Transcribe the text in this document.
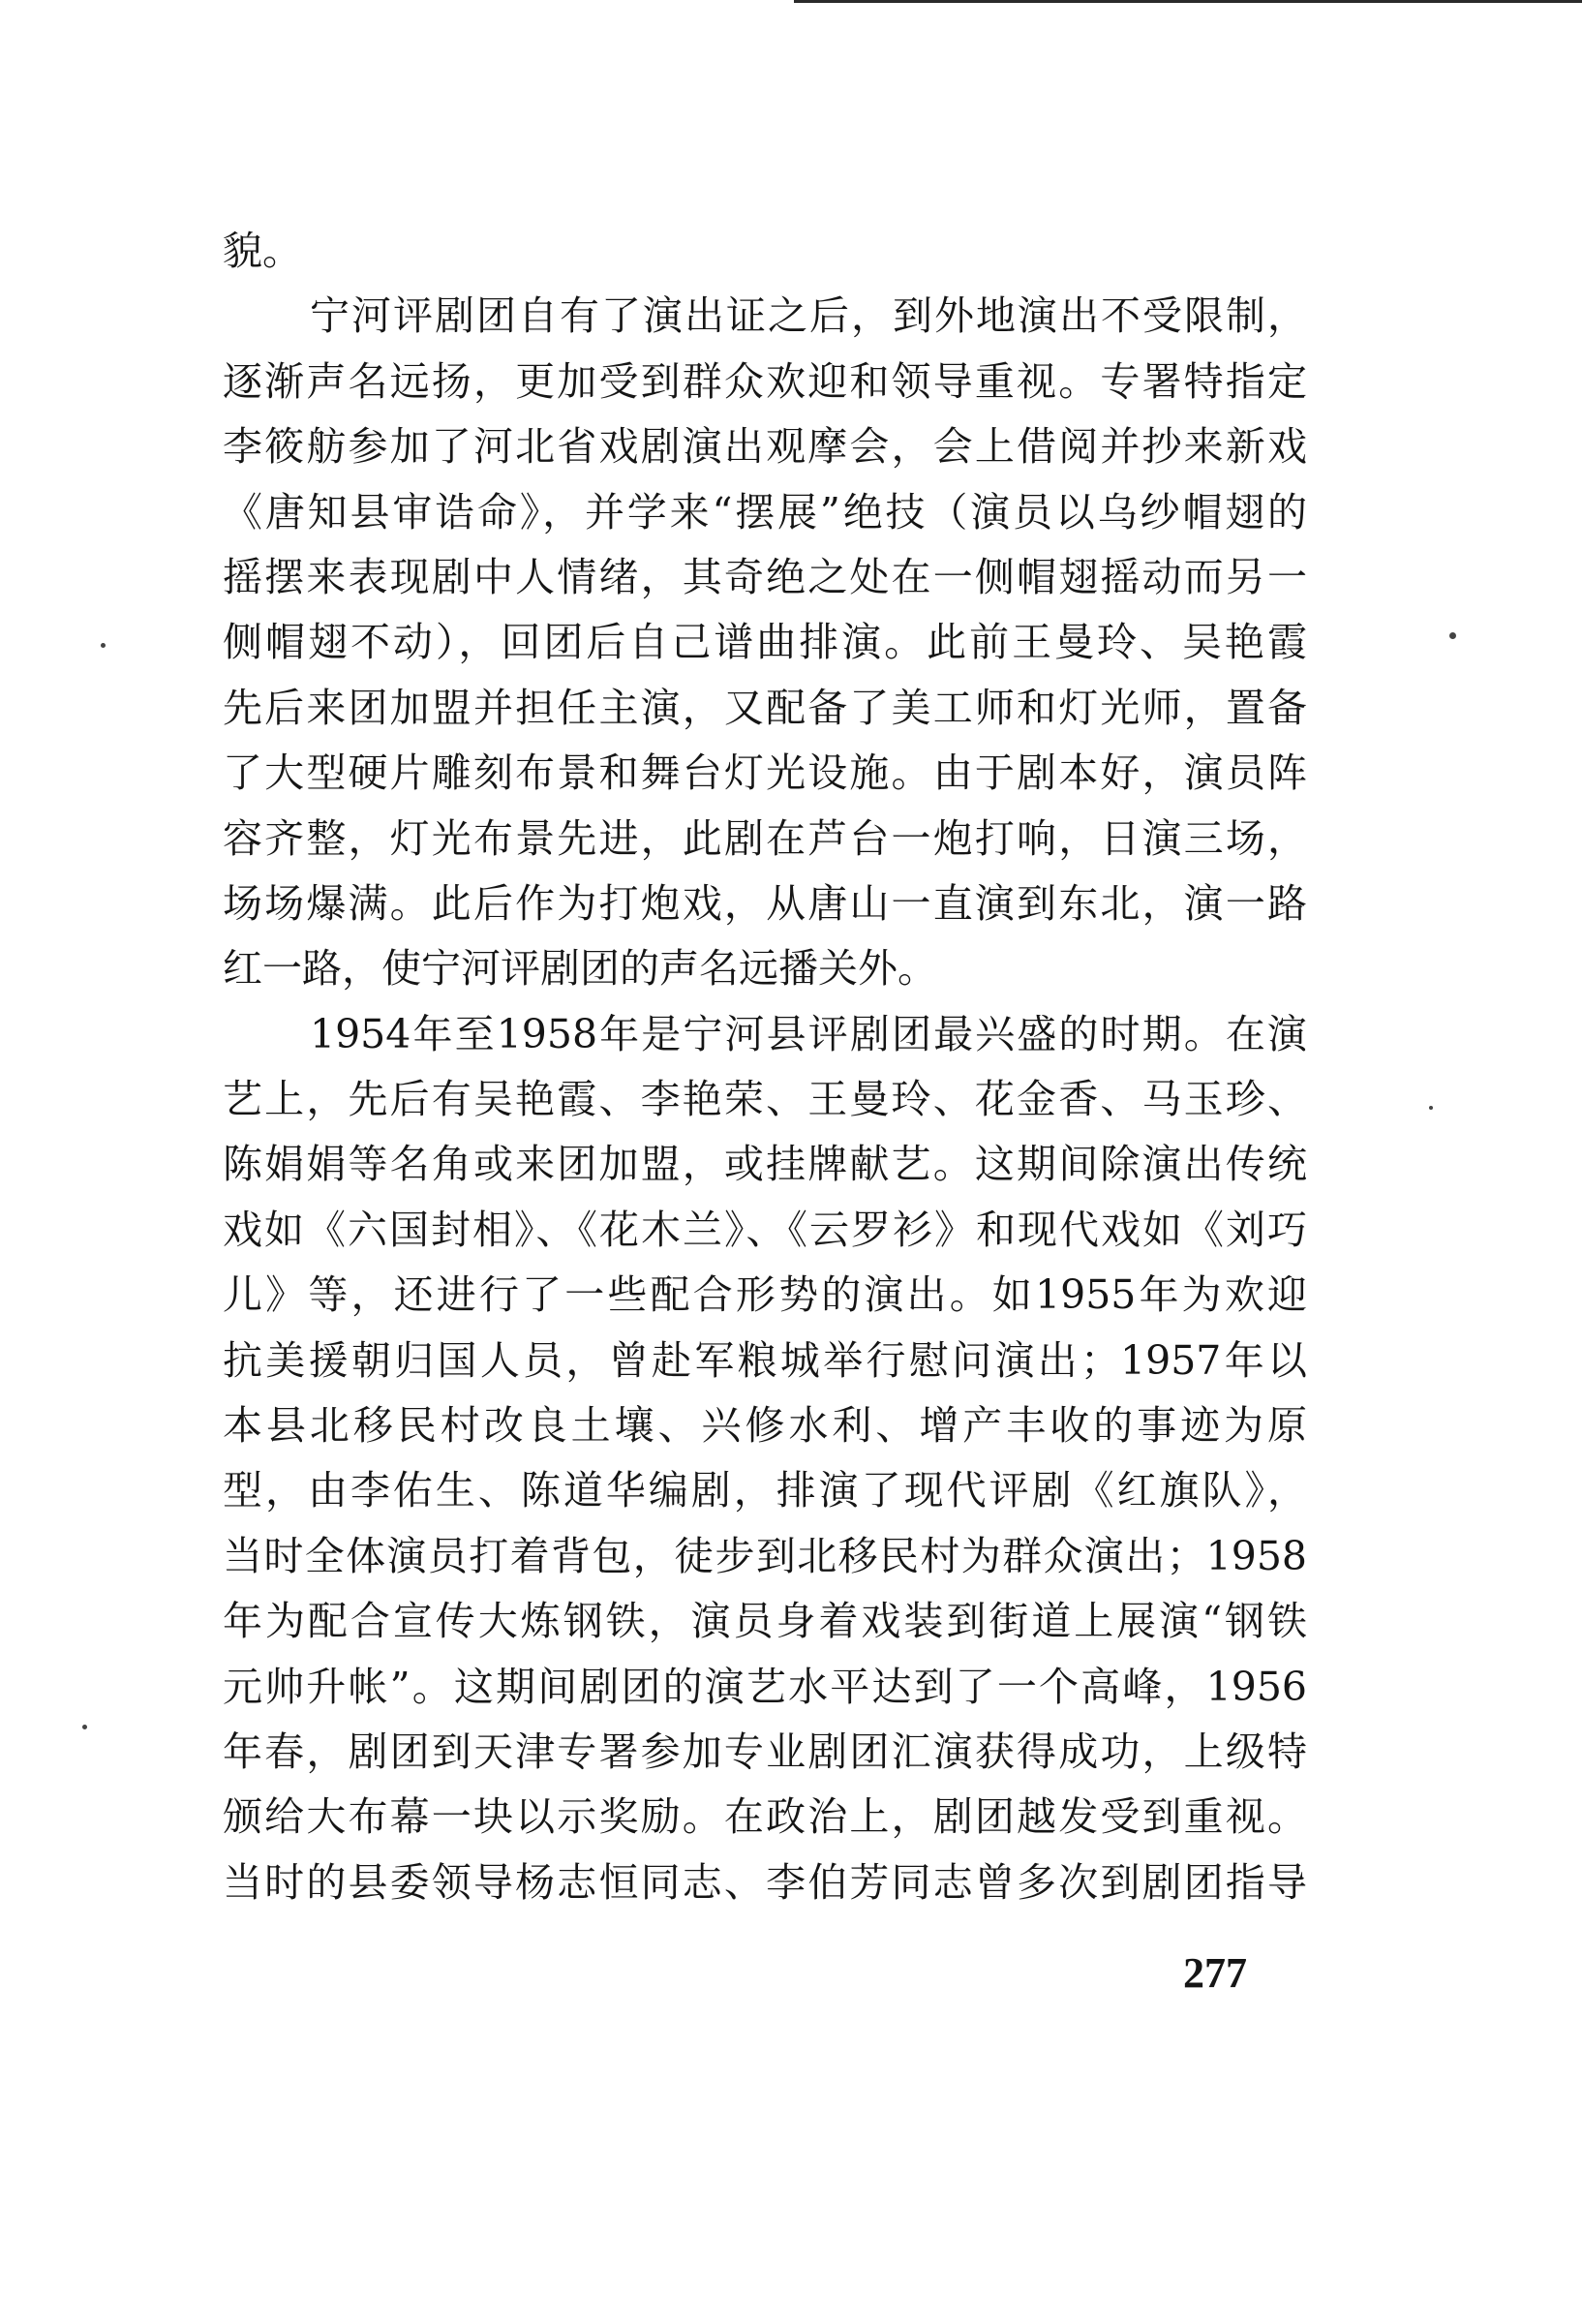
貌。
宁河评剧团自有了演出证之后，到外地演出不受限制，
逐渐声名远扬，更加受到群众欢迎和领导重视。专署特指定
李筱舫参加了河北省戏剧演出观摩会，会上借阅并抄来新戏
《唐知县审诰命》，并学来“摆展”绝技（演员以乌纱帽翅的
摇摆来表现剧中人情绪，其奇绝之处在一侧帽翅摇动而另一
侧帽翅不动），回团后自己谱曲排演。此前王曼玲、吴艳霞
先后来团加盟并担任主演，又配备了美工师和灯光师，置备
了大型硬片雕刻布景和舞台灯光设施。由于剧本好，演员阵
容齐整，灯光布景先进，此剧在芦台一炮打响，日演三场，
场场爆满。此后作为打炮戏，从唐山一直演到东北，演一路
红一路，使宁河评剧团的声名远播关外。
1954年至1958年是宁河县评剧团最兴盛的时期。在演
艺上，先后有吴艳霞、李艳荣、王曼玲、花金香、马玉珍、
陈娟娟等名角或来团加盟，或挂牌献艺。这期间除演出传统
戏如《六国封相》、《花木兰》、《云罗衫》和现代戏如《刘巧
儿》等，还进行了一些配合形势的演出。如1955年为欢迎
抗美援朝归国人员，曾赴军粮城举行慰问演出；1957年以
本县北移民村改良土壤、兴修水利、增产丰收的事迹为原
型，由李佑生、陈道华编剧，排演了现代评剧《红旗队》，
当时全体演员打着背包，徒步到北移民村为群众演出；1958
年为配合宣传大炼钢铁，演员身着戏装到街道上展演“钢铁
元帅升帐”。这期间剧团的演艺水平达到了一个高峰，1956
年春，剧团到天津专署参加专业剧团汇演获得成功，上级特
颁给大布幕一块以示奖励。在政治上，剧团越发受到重视。
当时的县委领导杨志恒同志、李伯芳同志曾多次到剧团指导
277
